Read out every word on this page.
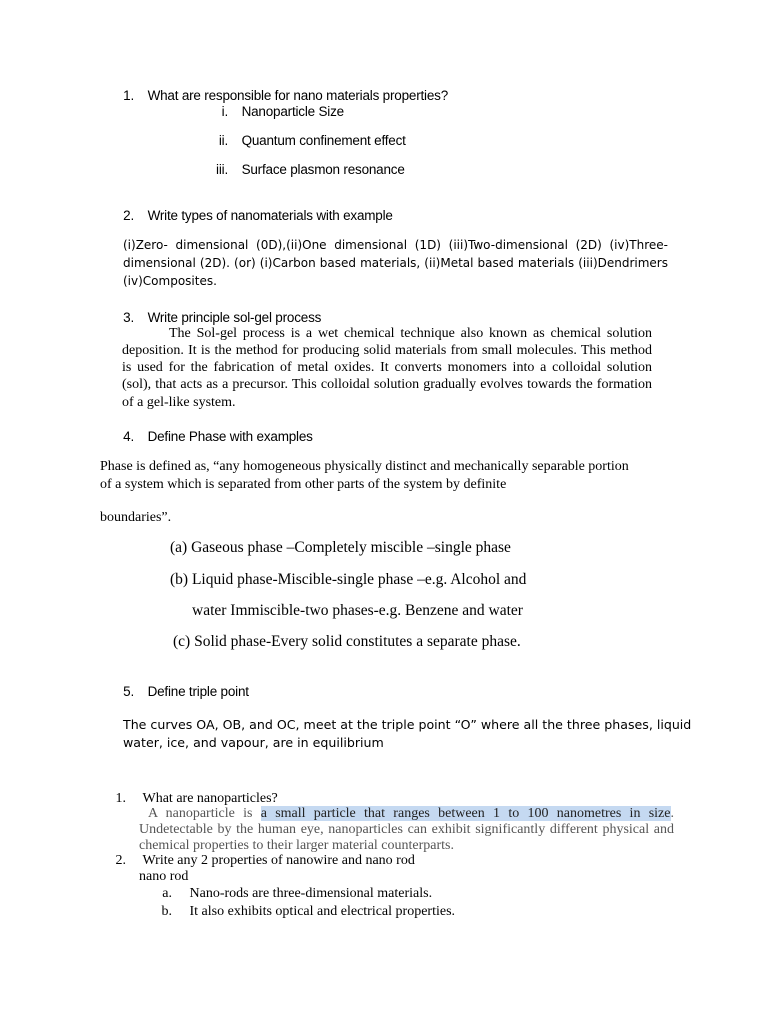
1. What are responsible for nano materials properties?
i. Nanoparticle Size
ii. Quantum confinement effect
iii. Surface plasmon resonance
2. Write types of nanomaterials with example
(i)Zero- dimensional (0D),(ii)One dimensional (1D) (iii)Two-dimensional (2D) (iv)Three-
dimensional (2D). (or) (i)Carbon based materials, (ii)Metal based materials (iii)Dendrimers
(iv)Composites.
3. Write principle sol-gel process
The Sol-gel process is a wet chemical technique also known as chemical solution
deposition. It is the method for producing solid materials from small molecules. This method
is used for the fabrication of metal oxides. It converts monomers into a colloidal solution
(sol), that acts as a precursor. This colloidal solution gradually evolves towards the formation
of a gel-like system.
4. Define Phase with examples
Phase is defined as, “any homogeneous physically distinct and mechanically separable portion
of a system which is separated from other parts of the system by definite
boundaries”.
(a) Gaseous phase –Completely miscible –single phase
(b) Liquid phase-Miscible-single phase –e.g. Alcohol and
water Immiscible-two phases-e.g. Benzene and water
(c) Solid phase-Every solid constitutes a separate phase.
5. Define triple point
The curves OA, OB, and OC, meet at the triple point “O” where all the three phases, liquid
water, ice, and vapour, are in equilibrium
1. What are nanoparticles?
A nanoparticle is a small particle that ranges between 1 to 100 nanometres in size.
Undetectable by the human eye, nanoparticles can exhibit significantly different physical and
chemical properties to their larger material counterparts.
2. Write any 2 properties of nanowire and nano rod
nano rod
a. Nano-rods are three-dimensional materials.
b. It also exhibits optical and electrical properties.
